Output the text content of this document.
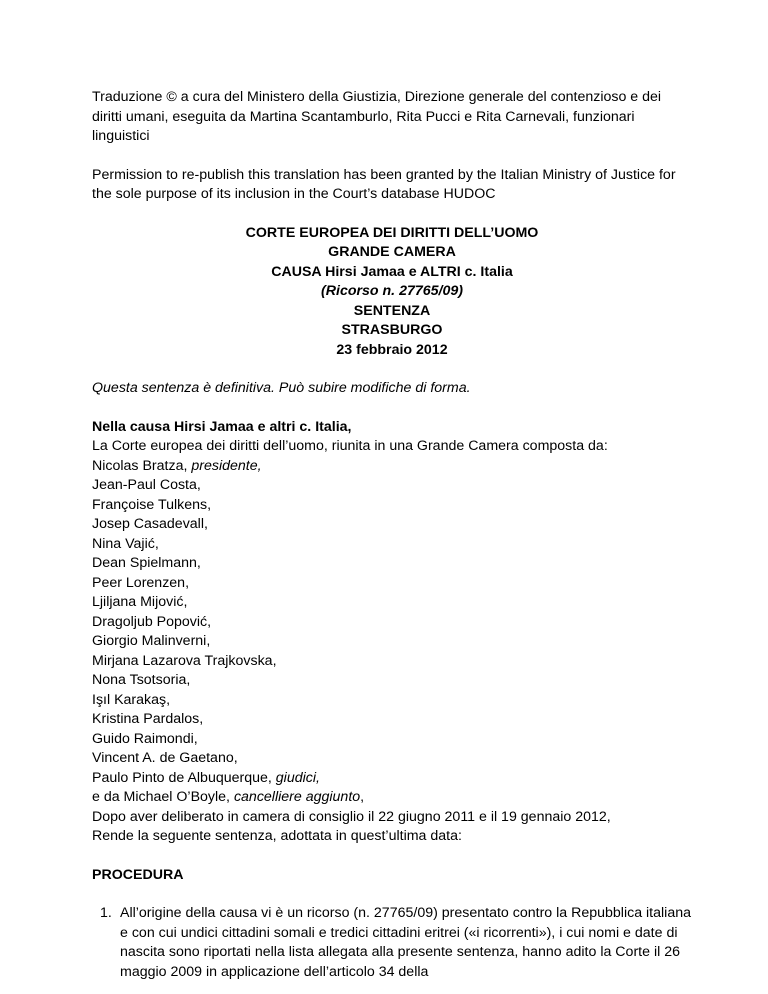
Traduzione © a cura del Ministero della Giustizia, Direzione generale del contenzioso e dei diritti umani, eseguita da Martina Scantamburlo, Rita Pucci e Rita Carnevali, funzionari linguistici

Permission to re-publish this translation has been granted by the Italian Ministry of Justice for the sole purpose of its inclusion in the Court’s database HUDOC

CORTE EUROPEA DEI DIRITTI DELL’UOMO
GRANDE CAMERA
CAUSA Hirsi Jamaa e ALTRI c. Italia
(Ricorso n. 27765/09)
SENTENZA
STRASBURGO
23 febbraio 2012

Questa sentenza è definitiva. Può subire modifiche di forma.

Nella causa Hirsi Jamaa e altri c. Italia,

La Corte europea dei diritti dell’uomo, riunita in una Grande Camera composta da:

Nicolas Bratza, presidente,

Jean-Paul Costa,
Françoise Tulkens,
Josep Casadevall,
Nina Vajić,
Dean Spielmann,
Peer Lorenzen,
Ljiljana Mijović,
Dragoljub Popović,
Giorgio Malinverni,
Mirjana Lazarova Trajkovska,
Nona Tsotsoria,
Işıl Karakaş,
Kristina Pardalos,
Guido Raimondi,
Vincent A. de Gaetano,

Paulo Pinto de Albuquerque, giudici,

e da Michael O’Boyle, cancelliere aggiunto,

Dopo aver deliberato in camera di consiglio il 22 giugno 2011 e il 19 gennaio 2012,

Rende la seguente sentenza, adottata in quest’ultima data:

PROCEDURA

1. All’origine della causa vi è un ricorso (n. 27765/09) presentato contro la Repubblica italiana e con cui undici cittadini somali e tredici cittadini eritrei («i ricorrenti»), i cui nomi e date di nascita sono riportati nella lista allegata alla presente sentenza, hanno adito la Corte il 26 maggio 2009 in applicazione dell’articolo 34 della
